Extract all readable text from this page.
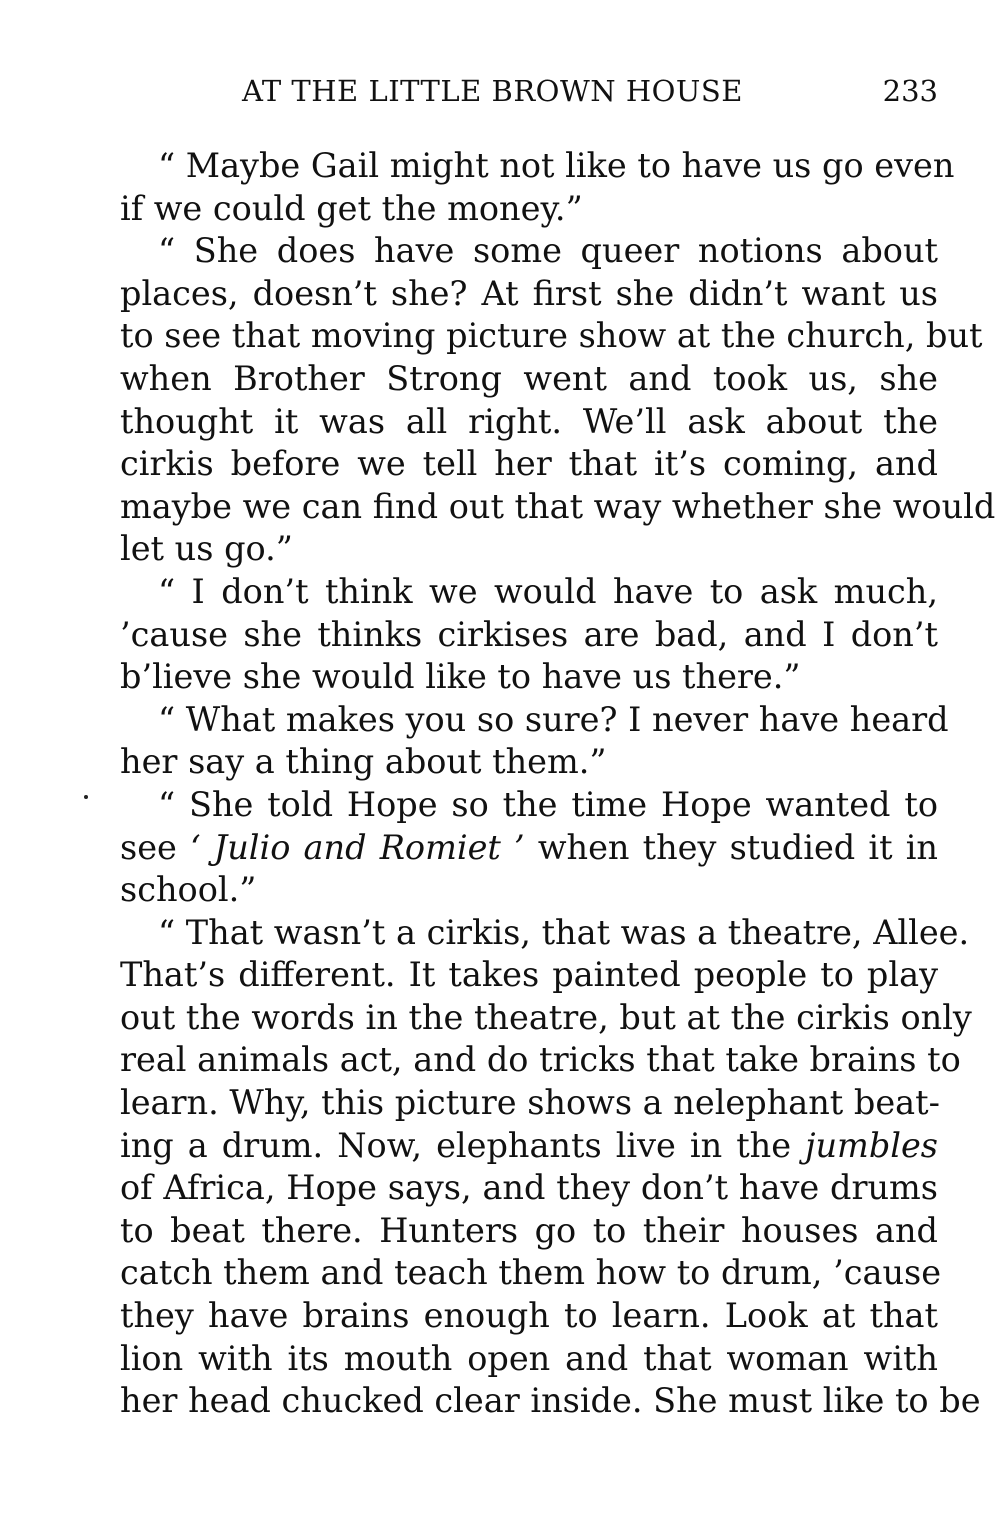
AT THE LITTLE BROWN HOUSE	233
“ Maybe Gail might not like to have us go even
if we could get the money.”
“ She does have some queer notions about
places, doesn’t she? At first she didn’t want us
to see that moving picture show at the church, but
when Brother Strong went and took us, she
thought it was all right. We’ll ask about the
cirkis before we tell her that it’s coming, and
maybe we can find out that way whether she would
let us go.”
“ I don’t think we would have to ask much,
’cause she thinks cirkises are bad, and I don’t
b’lieve she would like to have us there.”
“ What makes you so sure? I never have heard
her say a thing about them.”
“ She told Hope so the time Hope wanted to
see ‘ Julio and Romiet ’ when they studied it in
school.”
“ That wasn’t a cirkis, that was a theatre, Allee.
That’s different. It takes painted people to play
out the words in the theatre, but at the cirkis only
real animals act, and do tricks that take brains to
learn. Why, this picture shows a nelephant beat-
ing a drum. Now, elephants live in the jumbles
of Africa, Hope says, and they don’t have drums
to beat there. Hunters go to their houses and
catch them and teach them how to drum, ’cause
they have brains enough to learn. Look at that
lion with its mouth open and that woman with
her head chucked clear inside. She must like to be
